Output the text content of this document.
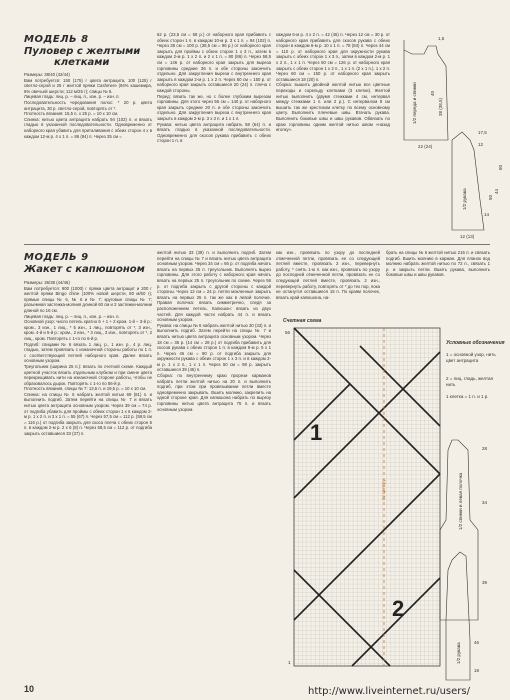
МОДЕЛЬ 8
Пуловер с желтыми
клетками
Размеры: 38/40 (42/44)
Вам потребуется: 150 (175) г цвета антрацита, 100 (125) г светло-серой и 25 г желтой пряжи Cashmere (94% кашемира, 6% овечьей шерсти; 112 м/25 г); спицы № 5.
Лицевая гладь: лиц. р. – лиц. п., изн. р. – изн. п.
Последовательность чередования полос: * 20 р. цвета антрацита, 30 р. светло-серой, повторять от *.
Плотность вязания: 15,5 п. х 25 р. = 10 х 10 см.
Спинка: нитью цвета антрацита набрать 94 (102) п. и вязать гладью в указанной последовательности. Одновременно от наборного края убавить для приталивания с обеих сторон 4 х в каждом 12-м р. 4 х 1 п. = 86 (94) п. Через 25 см =
62 р. (23,5 см = 58 р.) от наборного края прибавить с обеих сторон 1 п. в каждом 10-м р. 3 х 1 п. = 94 (102) п. Через 38 см = 100 р. (38,5 см = 96 р.) от наборного края закрыть для проймы с обеих сторон 1 х 3 п., затем в каждом 2-м р. 1 х 2 п. и 2 х 1 п. = 80 (86) п. Через 58,5 см = 146 р. от наборного края закрыть для выреза горловины средние 36 п. и обе стороны закончить отдельно. Для закругления выреза с внутреннего края закрыть в каждом 2-м р. 1 х 2 п. Через 60 см = 150 р. от наборного края закрыть оставшиеся 20 (24) п. плеча с каждой стороны.
Перед: вязать так же, но с более глубоким вырезом горловины. Для этого через 56 см = 140 р. от наборного края закрыть средние 20 п. и обе стороны закончить отдельно. Для закругления выреза с внутреннего края закрыть в каждом 2-м р. 3 х 3 п. и 1 х 1 п.
Рукава: нитью цвета антрацита набрать 58 (64) п. и вязать гладью в указанной последовательности. Одновременно для скосов рукава прибавить с обеих сторон 1 п. в
каждом 6-м р. 4 х 2 п. = 42 (45) п. Через 12 см = 30 р. от наборного края прибавить для скосов рукава с обеих сторон в каждом 6-м р. 10 х 1 п. = 78 (84) п. Через 44 см = 110 р. от наборного края для окружности рукава закрыть с обеих сторон 1 х 3 п., затем в каждом 2-м р. 1 х 2 п., 1 х 1 п. Через 50 см = 126 р. от наборного края закрыть с обеих сторон 1 х 2 п., 1 х 1 п. (2 х 1 п.), 1 х 2 п. Через 60 см = 150 р. от наборного края закрыть оставшиеся 18 (20) п.
Сборка: вышить двойной желтой нитью все цветные переходы и сорельду клетками (3 клетки). Желтой нитью выполнить (двумя стежками 4 см, интервал между стежками 1 п. или 2 р.). С интервалом 8 см вышить так же крестиком клетку по всему основному цвету. Выполнить плечевые швы. Втачать рукава. Выполнить боковые швы и швы рукавов. Обвязать по краю горловины одним желтой нитью швом «назад иголку».
МОДЕЛЬ 9
Жакет с капюшоном
Размеры: 36/38 (44/46)
Вам потребуется: 900 (1000) г пряжи цвета антрацит и 200 г желтой пряжи Bingo chine (100% новой шерсти, 80 м/50 г); прямые спицы № 6, № 6 и № 7; круговые спицы № 7; разъемная застежка-молния длиной 60 см и 2 застежки-молнии длиной по 16 см.
Лицевая гладь: лиц. р. – лиц. п., изн. р. – изн. п.
Основной узор: число петель кратно 6 + 1 + 2 кром. 1-й – 3-й р.: кром., 3 изн., 1 лиц., * 5 изн., 1 лиц., повторять от *, 3 изн., кром. 4-й и 5-й р.: кром., 2 изн., * 3 лиц., 3 изн., повторять от *, 2 лиц., кром. Повторять с 1-го по 6-й р.
Подгиб: спицами № 6 вязать 1 лиц. р., 1 изн. р., 4 р. лиц. гладью, затем провязать с изнаночной стороны работы по 1 п. с соответствующей петлей наборного края. Далее вязать основным узором.
Треугольник (ширина 25 п.): вязать по счетной схеме. Каждый цветной участок вязать отдельным клубком и при смене цвета перекрещивать нити на изнаночной стороне работы, чтобы не образовалось дырок. Повторять с 1-го по 56-й р.
Плотность вязания, спицы № 7: 13,5 п. и 19,5 р. = 10 х 10 см.
Спинка: на спицы № 6 набрать желтой нитью 69 (81) п. и выполнить подгиб. Затем перейти на спицы № 7 и вязать нитью цвета антрацита основным узором. Через 39 см = 74 р. от подгиба убавить для проймы с обеих сторон 1 х в каждом 2-м р. 1 х 2 п. и 3 х 1 п. = 55 (67) п. Через 57,5 см = 112 р. (59,5 см = 116 р.) от подгиба закрыть для скоса плеча с обеих сторон 5 п. в каждом 2-м р. 2 х 6 (8) п. Через 58,5 см = 112 р. от подгиба закрыть оставшиеся 33 (37) п.
желтой нитью 33 (39) п. и выполнить подгиб. Затем перейти на спицы № 7 и вязать нитью цвета антрацита основным узором. Через 34 см = 66 р. от подгиба начать вязать на первых 25 п. треугольник. Выполнять вырез горловины. Для этого работу с наборного края начать вязать на первых 25 п. треугольник по схеме. Через 56 р. от подгиба закрыть с другой стороны с каждой стороны. Через 12 см = 24 р. петли мокленныe закрыть вязать на первых 25 п. так же как в левой полочке. Правая полочка: вязать симметрично, следя за расположением петель. Капюшон: вязать из двух частей. Для каждой части набрать 44 п. и вязать основным узором.
Рукава: на спицы № 6 набрать желтой нитью 30 (33) п. и выполнить подгиб. Затем перейти на спицы № 7 и вязать нитью цвета антрацита основным узором. Через 18 см = 36 р. (14 см = 28 р.) от подгиба прибавить для скосов рукава с обеих сторон 1 п. в каждом 8-м р. 5 х 1 п. Через 46 см = 90 р. от подгиба закрыть для окружности рукава с обеих сторон 1 х 3 п. и в каждом 2-м р. 1 х 2 п., 1 х 1 п. Через 50 см = 98 р. закрыть оставшиеся 39 (45) п.
Сборка: по внутреннему краю прорези карманов набрать петли желтой нитью на 20 п. и выполнить подгиб, при этом при провязывании петли вместе одновременно закрывать. Вшить молнию, закрепить на одной стороне края. Для капюшона набрать по вырезу горловины нитью цвета антрацита 75 п. и вязать основным узором.
как изн., провязать по узору до последней отмеченной петли, провязать ее со следующей петлей вместе, провязать 2 изн., перевернуть работу, * снять 1-ю п. как изн., провязать по узору до последней отмеченной петли, провязать ее со следующей петлей вместе, провязать 2 изн., перевернуть работу, повторять от * до тех пор, пока не останутся оставшиеся 15 п. По краям полочек, вязать край капюшона, на-
брать на спицы № 6 желтой нитью 216 п. и связать подгиб. Вшить молнию в карман. Для планок вод молнию набрать желтой нитью по 72 п., связать 1 р. и закрыть петли. Вшить рукава, выполнить боковые швы и швы рукавов.
Счетная схема
56
1
1
2
по центру
Условные обозначения
1 = основной узор, нить цвет антрацита
2 = лиц. гладь, желтая нить
1 клетка = 1 п. и 1 р.
1/2 переда и спинки
1/2 рукава
1,5
40
38 (38,5)
17,5
12
22 (24)
50
44
60
14
12 (13)
1/2 спинки и левая полочка
1/2 рукава
28
34
39
46
18
10	http://www.liveinternet.ru/users/
